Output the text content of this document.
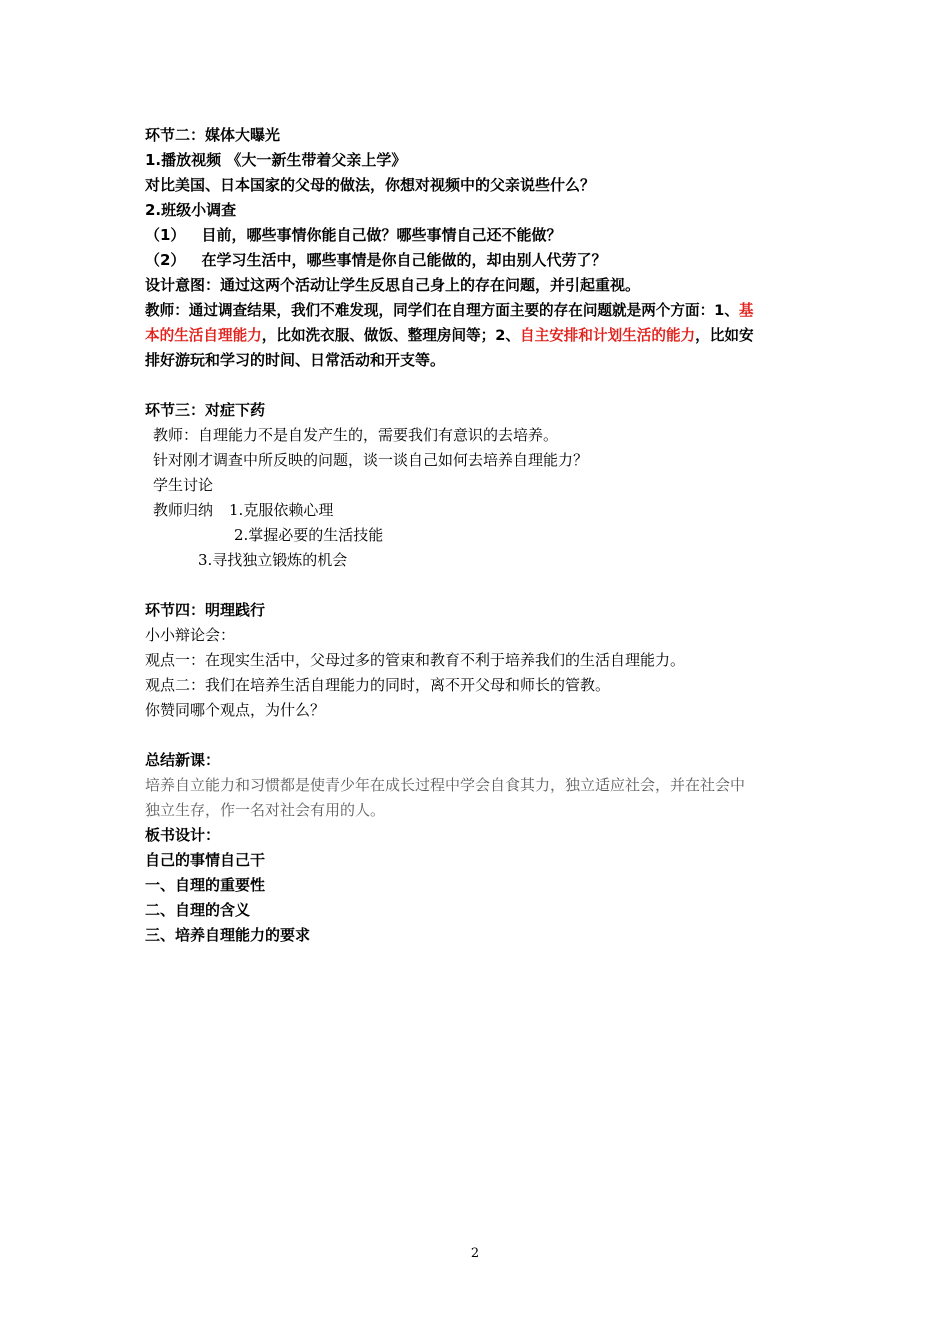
环节二：媒体大曝光
1.播放视频 《大一新生带着父亲上学》
对比美国、日本国家的父母的做法，你想对视频中的父亲说些什么？
2.班级小调查
（1） 目前，哪些事情你能自己做？哪些事情自己还不能做？
（2） 在学习生活中，哪些事情是你自己能做的，却由别人代劳了？
设计意图：通过这两个活动让学生反思自己身上的存在问题，并引起重视。
教师：通过调查结果，我们不难发现，同学们在自理方面主要的存在问题就是两个方面：1、基
本的生活自理能力，比如洗衣服、做饭、整理房间等；2、自主安排和计划生活的能力，比如安
排好游玩和学习的时间、日常活动和开支等。
环节三：对症下药
教师：自理能力不是自发产生的，需要我们有意识的去培养。
针对刚才调查中所反映的问题，谈一谈自己如何去培养自理能力？
学生讨论
教师归纳 1.克服依赖心理
2.掌握必要的生活技能
3.寻找独立锻炼的机会
环节四：明理践行
小小辩论会：
观点一：在现实生活中，父母过多的管束和教育不利于培养我们的生活自理能力。
观点二：我们在培养生活自理能力的同时，离不开父母和师长的管教。
你赞同哪个观点，为什么？
总结新课：
培养自立能力和习惯都是使青少年在成长过程中学会自食其力，独立适应社会，并在社会中
独立生存，作一名对社会有用的人。
板书设计：
自己的事情自己干
一、自理的重要性
二、自理的含义
三、培养自理能力的要求
2
